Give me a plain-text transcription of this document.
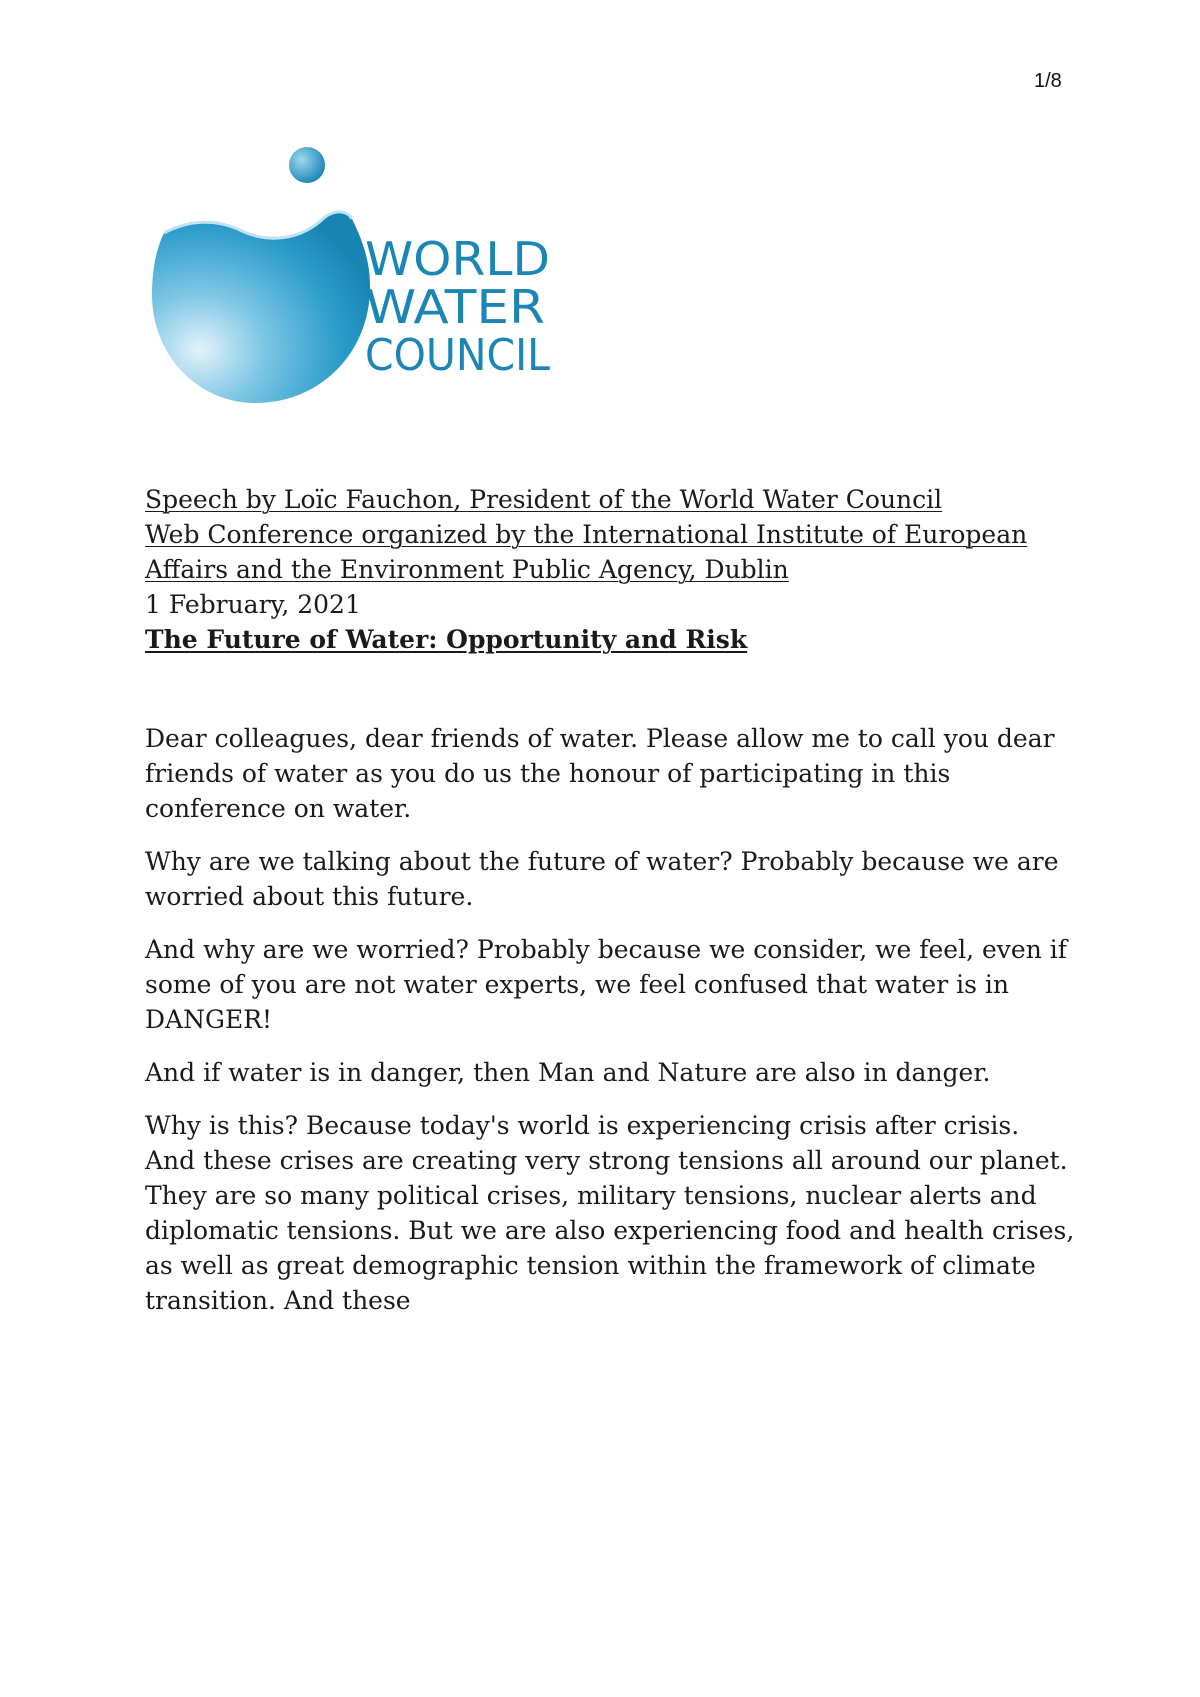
1/8
WORLD
WATER
COUNCIL

Speech by Loïc Fauchon, President of the World Water Council

Web Conference organized by the International Institute of European Affairs and the Environment Public Agency, Dublin

1 February, 2021

The Future of Water: Opportunity and Risk

Dear colleagues, dear friends of water. Please allow me to call you dear friends of water as you do us the honour of participating in this conference on water.

Why are we talking about the future of water? Probably because we are worried about this future.

And why are we worried? Probably because we consider, we feel, even if some of you are not water experts, we feel confused that water is in DANGER!

And if water is in danger, then Man and Nature are also in danger.

Why is this? Because today's world is experiencing crisis after crisis. And these crises are creating very strong tensions all around our planet. They are so many political crises, military tensions, nuclear alerts and diplomatic tensions. But we are also experiencing food and health crises, as well as great demographic tension within the framework of climate transition. And these
